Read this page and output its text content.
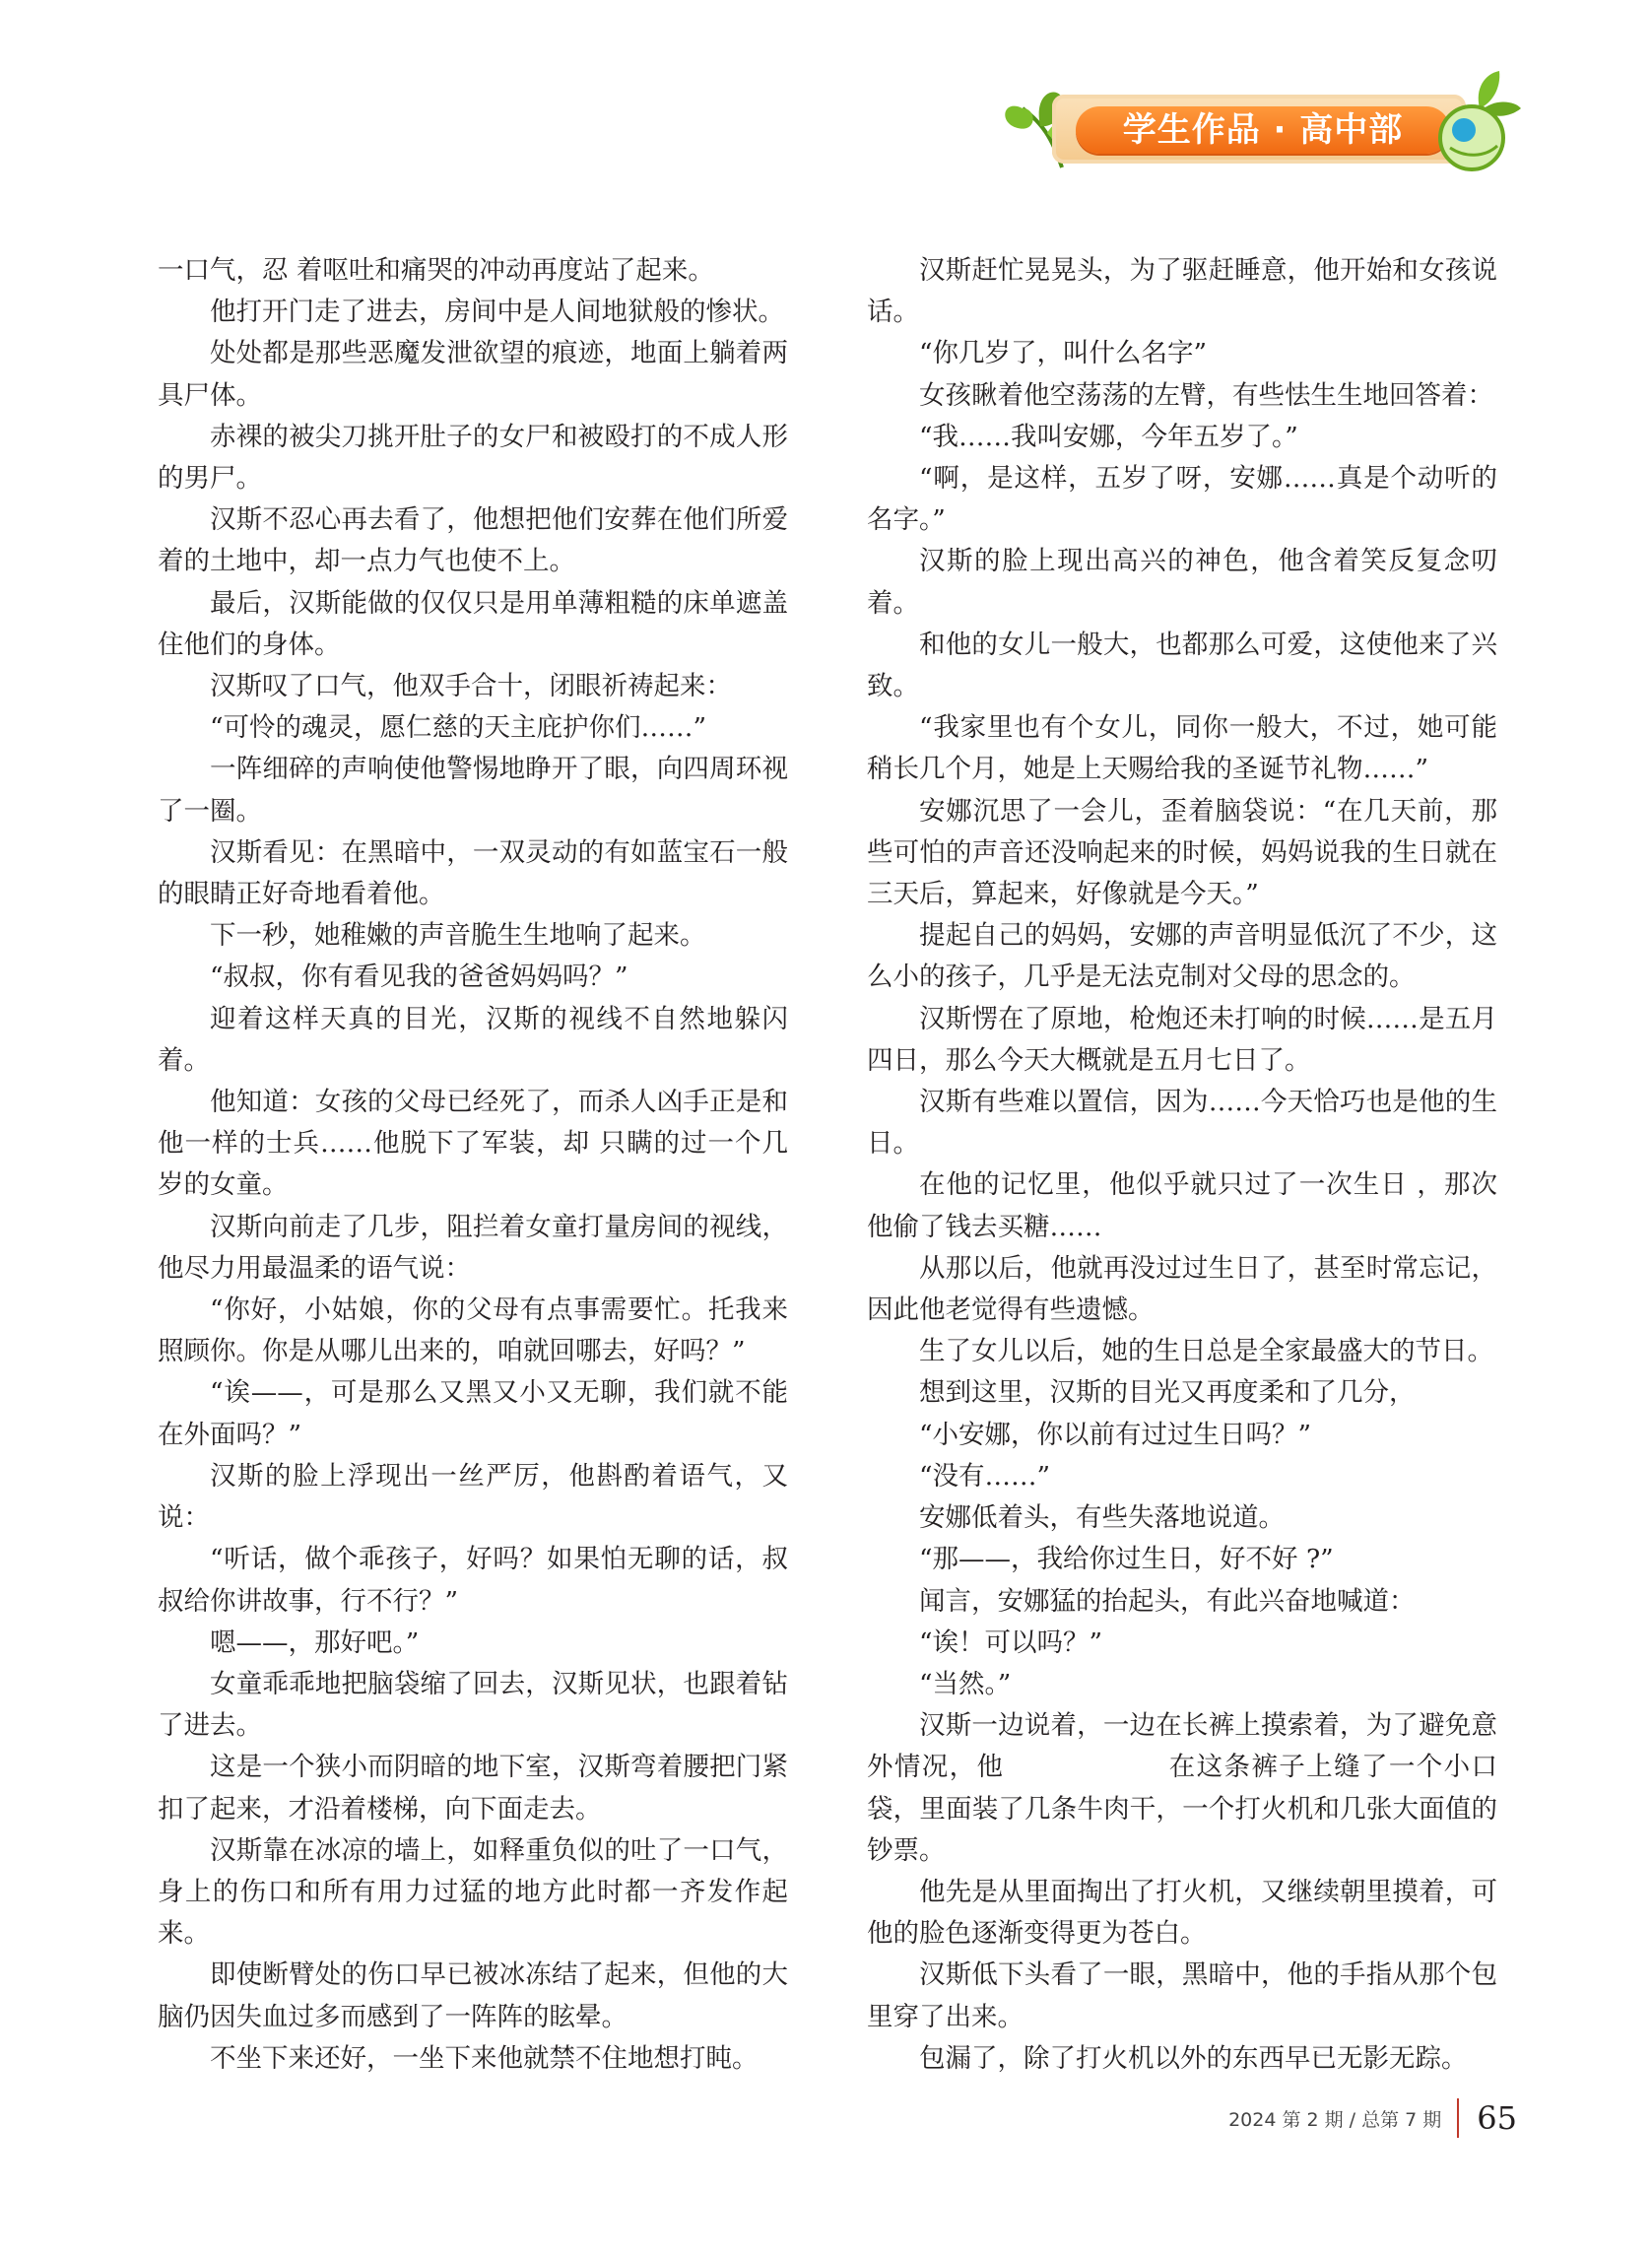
学生作品 · 高中部

一口气，忍 着呕吐和痛哭的冲动再度站了起来。

他打开门走了进去，房间中是人间地狱般的惨状。

处处都是那些恶魔发泄欲望的痕迹，地面上躺着两具尸体。

赤裸的被尖刀挑开肚子的女尸和被殴打的不成人形的男尸。

汉斯不忍心再去看了，他想把他们安葬在他们所爱着的土地中，却一点力气也使不上。

最后，汉斯能做的仅仅只是用单薄粗糙的床单遮盖住他们的身体。

汉斯叹了口气，他双手合十，闭眼祈祷起来：

“可怜的魂灵，愿仁慈的天主庇护你们……”

一阵细碎的声响使他警惕地睁开了眼，向四周环视了一圈。

汉斯看见：在黑暗中，一双灵动的有如蓝宝石一般的眼睛正好奇地看着他。

下一秒，她稚嫩的声音脆生生地响了起来。

“叔叔，你有看见我的爸爸妈妈吗？”

迎着这样天真的目光，汉斯的视线不自然地躲闪着。

他知道：女孩的父母已经死了，而杀人凶手正是和他一样的士兵……他脱下了军装，却 只瞒的过一个几岁的女童。

汉斯向前走了几步，阻拦着女童打量房间的视线，他尽力用最温柔的语气说：

“你好，小姑娘，你的父母有点事需要忙。托我来照顾你。你是从哪儿出来的，咱就回哪去，好吗？”

“诶——，可是那么又黑又小又无聊，我们就不能在外面吗？”

汉斯的脸上浮现出一丝严厉，他斟酌着语气，又说：

“听话，做个乖孩子，好吗？如果怕无聊的话，叔叔给你讲故事，行不行？”

嗯——，那好吧。”

女童乖乖地把脑袋缩了回去，汉斯见状，也跟着钻了进去。

这是一个狭小而阴暗的地下室，汉斯弯着腰把门紧扣了起来，才沿着楼梯，向下面走去。

汉斯靠在冰凉的墙上，如释重负似的吐了一口气，身上的伤口和所有用力过猛的地方此时都一齐发作起来。

即使断臂处的伤口早已被冰冻结了起来，但他的大脑仍因失血过多而感到了一阵阵的眩晕。

不坐下来还好，一坐下来他就禁不住地想打盹。

汉斯赶忙晃晃头，为了驱赶睡意，他开始和女孩说话。

“你几岁了，叫什么名字”

女孩瞅着他空荡荡的左臂，有些怯生生地回答着：

“我……我叫安娜，今年五岁了。”

“啊，是这样，五岁了呀，安娜……真是个动听的名字。”

汉斯的脸上现出高兴的神色，他含着笑反复念叨着。

和他的女儿一般大，也都那么可爱，这使他来了兴致。

“我家里也有个女儿，同你一般大，不过，她可能稍长几个月，她是上天赐给我的圣诞节礼物……”

安娜沉思了一会儿，歪着脑袋说：“在几天前，那些可怕的声音还没响起来的时候，妈妈说我的生日就在三天后，算起来，好像就是今天。”

提起自己的妈妈，安娜的声音明显低沉了不少，这么小的孩子，几乎是无法克制对父母的思念的。

汉斯愣在了原地，枪炮还未打响的时候……是五月四日，那么今天大概就是五月七日了。

汉斯有些难以置信，因为……今天恰巧也是他的生日。

在他的记忆里，他似乎就只过了一次生日 ，那次他偷了钱去买糖……

从那以后，他就再没过过生日了，甚至时常忘记，因此他老觉得有些遗憾。

生了女儿以后，她的生日总是全家最盛大的节日。

想到这里，汉斯的目光又再度柔和了几分，

“小安娜，你以前有过过生日吗？”

“没有……”

安娜低着头，有些失落地说道。

“那——，我给你过生日，好不好 ?”

闻言，安娜猛的抬起头，有此兴奋地喊道：

“诶！可以吗？”

“当然。”

汉斯一边说着，一边在长裤上摸索着，为了避免意外情况，他　　　　　　在这条裤子上缝了一个小口袋，里面装了几条牛肉干，一个打火机和几张大面值的钞票。

他先是从里面掏出了打火机，又继续朝里摸着，可他的脸色逐渐变得更为苍白。

汉斯低下头看了一眼，黑暗中，他的手指从那个包里穿了出来。

包漏了，除了打火机以外的东西早已无影无踪。

2024 第 2 期 / 总第 7 期 65
